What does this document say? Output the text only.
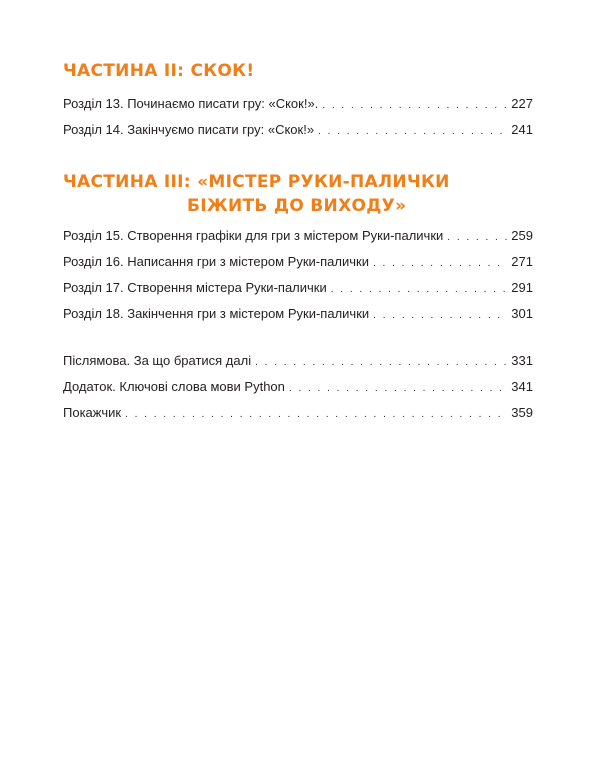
ЧАСТИНА II: СКОК!
Розділ 13. Починаємо писати гру: «Скок!». . . .	227
Розділ 14. Закінчуємо писати гру: «Скок!» . . .	241
ЧАСТИНА III: «МІСТЕР РУКИ-ПАЛИЧКИ
БІЖИТЬ ДО ВИХОДУ»
Розділ 15. Створення графіки для гри з містером Руки-палички . . .	259
Розділ 16. Написання гри з містером Руки-палички . . .	271
Розділ 17. Створення містера Руки-палички . . .	291
Розділ 18. Закінчення гри з містером Руки-палички . . .	301
Післямова. За що братися далі . . .	331
Додаток. Ключові слова мови Python . . .	341
Покажчик . . .	359
